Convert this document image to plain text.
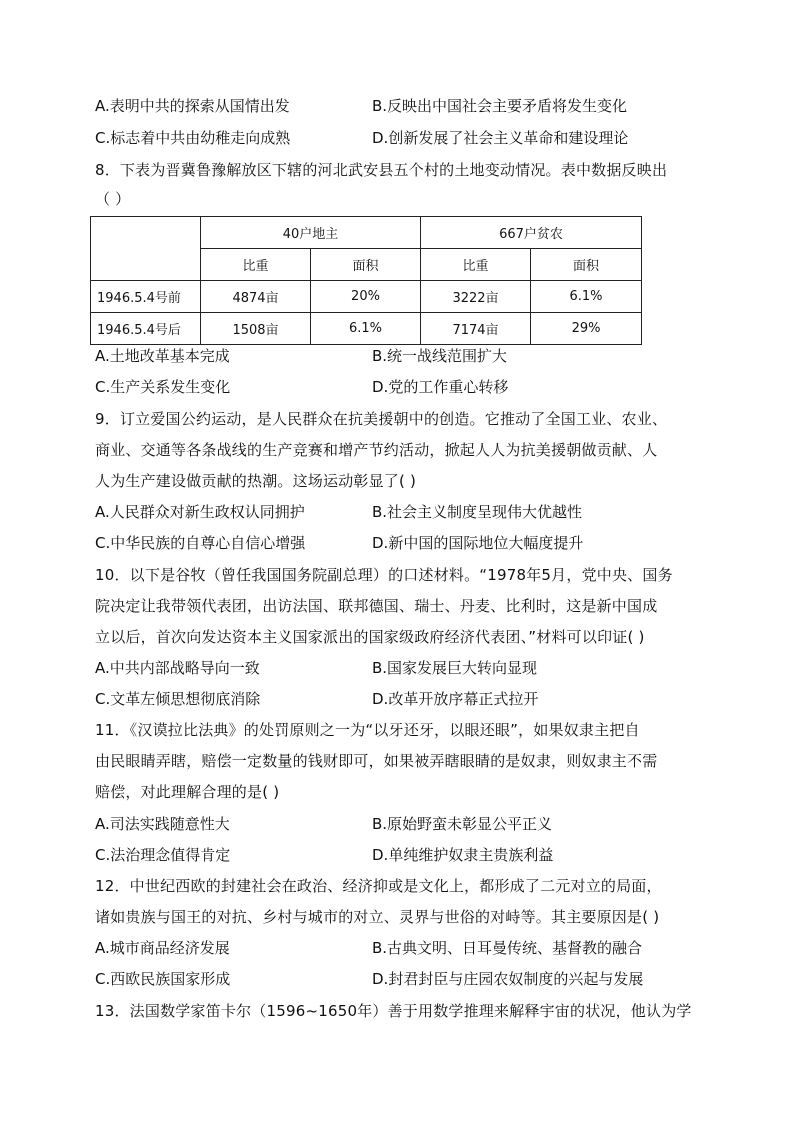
A.表明中共的探索从国情出发	B.反映出中国社会主要矛盾将发生变化
C.标志着中共由幼稚走向成熟	D.创新发展了社会主义革命和建设理论
8．下表为晋冀鲁豫解放区下辖的河北武安县五个村的土地变动情况。表中数据反映出
（ ）
	40户地主		667户贫农	
	比重	面积	比重	面积
1946.5.4号前	4874亩	20%	3222亩	6.1%
1946.5.4号后	1508亩	6.1%	7174亩	29%
A.土地改革基本完成	B.统一战线范围扩大
C.生产关系发生变化	D.党的工作重心转移
9．订立爱国公约运动，是人民群众在抗美援朝中的创造。它推动了全国工业、农业、
商业、交通等各条战线的生产竞赛和增产节约活动，掀起人人为抗美援朝做贡献、人
人为生产建设做贡献的热潮。这场运动彰显了( )
A.人民群众对新生政权认同拥护	B.社会主义制度呈现伟大优越性
C.中华民族的自尊心自信心增强	D.新中国的国际地位大幅度提升
10．以下是谷牧（曾任我国国务院副总理）的口述材料。“1978年5月，党中央、国务
院决定让我带领代表团，出访法国、联邦德国、瑞士、丹麦、比利时，这是新中国成
立以后，首次向发达资本主义国家派出的国家级政府经济代表团、”材料可以印证( )
A.中共内部战略导向一致	B.国家发展巨大转向显现
C.文革左倾思想彻底消除	D.改革开放序幕正式拉开
11．《汉谟拉比法典》的处罚原则之一为“以牙还牙，以眼还眼”，如果奴隶主把自
由民眼睛弄瞎，赔偿一定数量的钱财即可，如果被弄瞎眼睛的是奴隶，则奴隶主不需
赔偿，对此理解合理的是( )
A.司法实践随意性大	B.原始野蛮未彰显公平正义
C.法治理念值得肯定	D.单纯维护奴隶主贵族利益
12．中世纪西欧的封建社会在政治、经济抑或是文化上，都形成了二元对立的局面，
诸如贵族与国王的对抗、乡村与城市的对立、灵界与世俗的对峙等。其主要原因是( )
A.城市商品经济发展	B.古典文明、日耳曼传统、基督教的融合
C.西欧民族国家形成	D.封君封臣与庄园农奴制度的兴起与发展
13．法国数学家笛卡尔（1596~1650年）善于用数学推理来解释宇宙的状况，他认为学
